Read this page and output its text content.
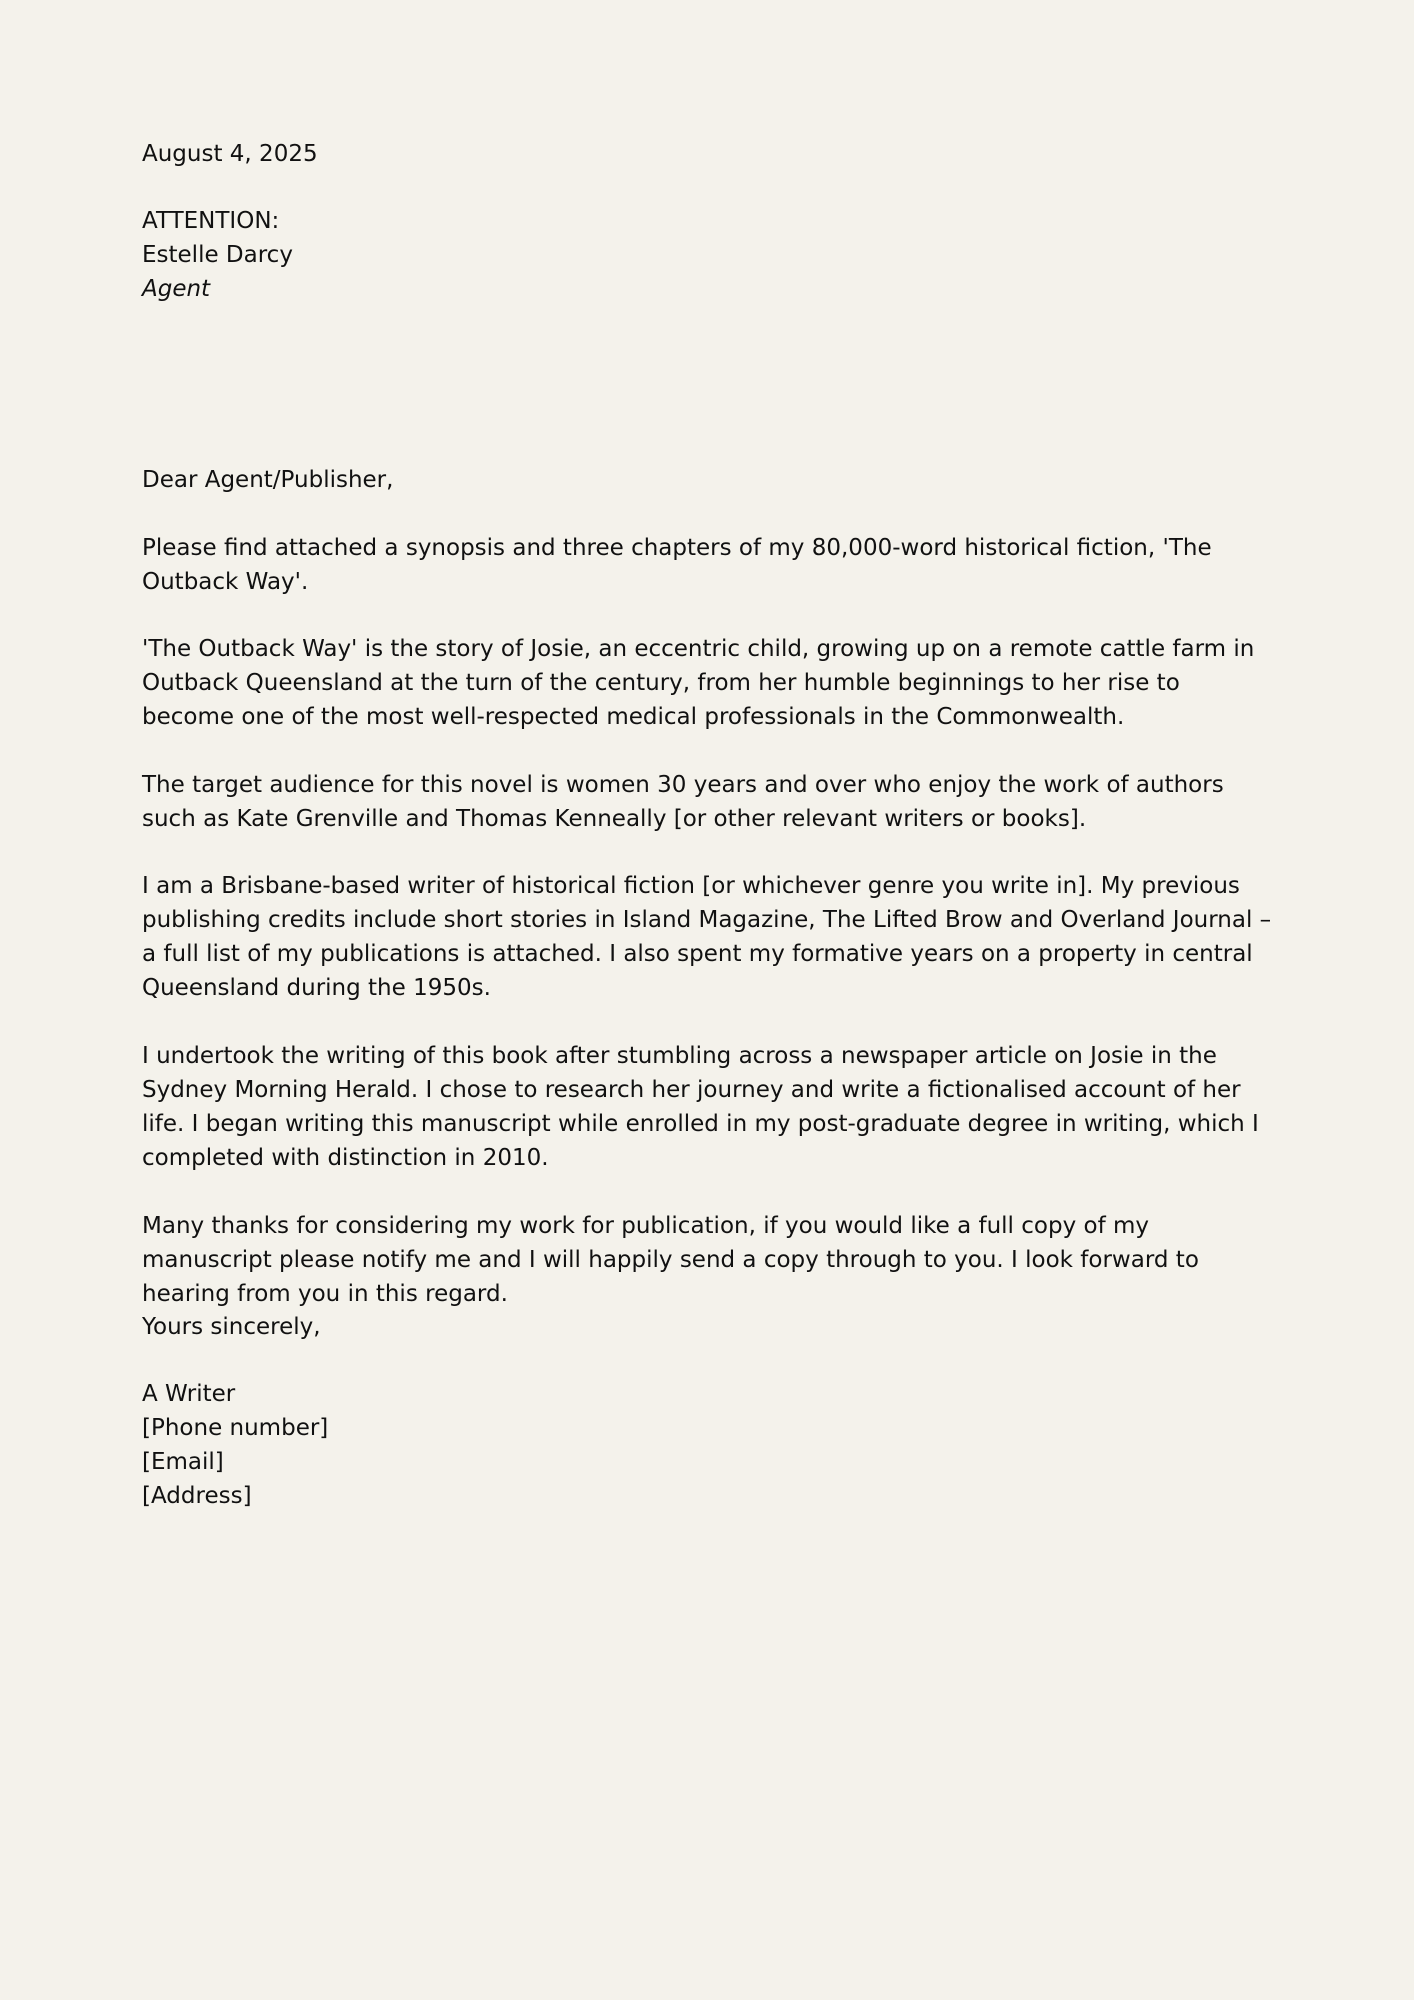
August 4, 2025
ATTENTION:
Estelle Darcy
Agent
Dear Agent/Publisher,

Please find attached a synopsis and three chapters of my 80,000-word historical fiction, 'The Outback Way'.

'The Outback Way' is the story of Josie, an eccentric child, growing up on a remote cattle farm in Outback Queensland at the turn of the century, from her humble beginnings to her rise to become one of the most well-respected medical professionals in the Commonwealth.

The target audience for this novel is women 30 years and over who enjoy the work of authors such as Kate Grenville and Thomas Kenneally [or other relevant writers or books].

I am a Brisbane-based writer of historical fiction [or whichever genre you write in]. My previous publishing credits include short stories in Island Magazine, The Lifted Brow and Overland Journal – a full list of my publications is attached. I also spent my formative years on a property in central Queensland during the 1950s.

I undertook the writing of this book after stumbling across a newspaper article on Josie in the Sydney Morning Herald. I chose to research her journey and write a fictionalised account of her life. I began writing this manuscript while enrolled in my post-graduate degree in writing, which I completed with distinction in 2010.

Many thanks for considering my work for publication, if you would like a full copy of my manuscript please notify me and I will happily send a copy through to you. I look forward to hearing from you in this regard.

Yours sincerely,
A Writer
[Phone number]
[Email]
[Address]
